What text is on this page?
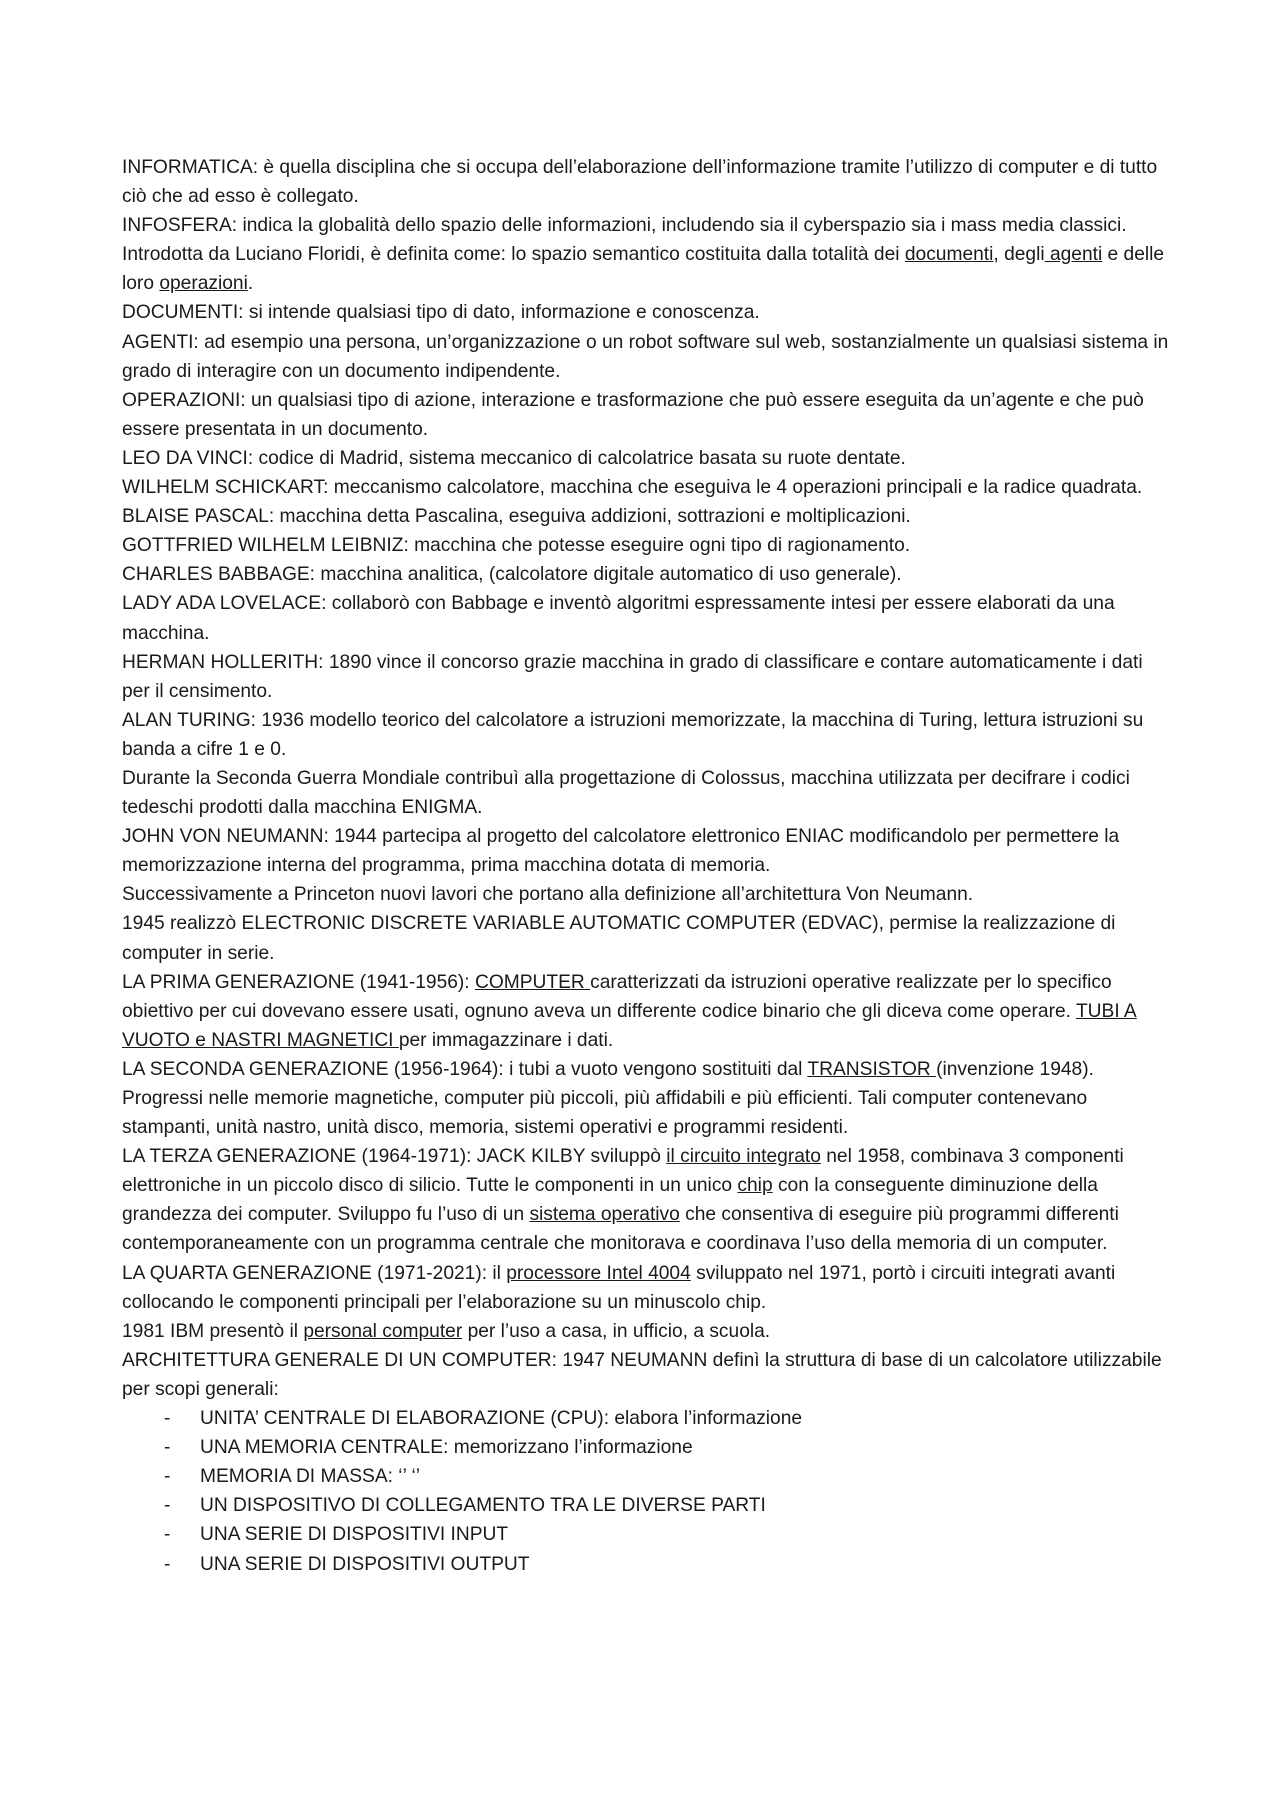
INFORMATICA: è quella disciplina che si occupa dell’elaborazione dell’informazione tramite l’utilizzo di computer e di tutto ciò che ad esso è collegato.
INFOSFERA: indica la globalità dello spazio delle informazioni, includendo sia il cyberspazio sia i mass media classici. Introdotta da Luciano Floridi, è definita come: lo spazio semantico costituita dalla totalità dei documenti, degli agenti e delle loro operazioni.
DOCUMENTI: si intende qualsiasi tipo di dato, informazione e conoscenza.
AGENTI: ad esempio una persona, un’organizzazione o un robot software sul web, sostanzialmente un qualsiasi sistema in grado di interagire con un documento indipendente.
OPERAZIONI: un qualsiasi tipo di azione, interazione e trasformazione che può essere eseguita da un’agente e che può essere presentata in un documento.
LEO DA VINCI: codice di Madrid, sistema meccanico di calcolatrice basata su ruote dentate.
WILHELM SCHICKART: meccanismo calcolatore, macchina che eseguiva le 4 operazioni principali e la radice quadrata.
BLAISE PASCAL: macchina detta Pascalina, eseguiva addizioni, sottrazioni e moltiplicazioni.
GOTTFRIED WILHELM LEIBNIZ: macchina che potesse eseguire ogni tipo di ragionamento.
CHARLES BABBAGE: macchina analitica, (calcolatore digitale automatico di uso generale).
LADY ADA LOVELACE: collaborò con Babbage e inventò algoritmi espressamente intesi per essere elaborati da una macchina.
HERMAN HOLLERITH: 1890 vince il concorso grazie macchina in grado di classificare e contare automaticamente i dati per il censimento.
ALAN TURING: 1936 modello teorico del calcolatore a istruzioni memorizzate, la macchina di Turing, lettura istruzioni su banda a cifre 1 e 0.
Durante la Seconda Guerra Mondiale contribuì alla progettazione di Colossus, macchina utilizzata per decifrare i codici tedeschi prodotti dalla macchina ENIGMA.
JOHN VON NEUMANN: 1944 partecipa al progetto del calcolatore elettronico ENIAC modificandolo per permettere la memorizzazione interna del programma, prima macchina dotata di memoria.
Successivamente a Princeton nuovi lavori che portano alla definizione all’architettura Von Neumann.
1945 realizzò ELECTRONIC DISCRETE VARIABLE AUTOMATIC COMPUTER (EDVAC), permise la realizzazione di computer in serie.
LA PRIMA GENERAZIONE (1941-1956): COMPUTER caratterizzati da istruzioni operative realizzate per lo specifico obiettivo per cui dovevano essere usati, ognuno aveva un differente codice binario che gli diceva come operare. TUBI A VUOTO e NASTRI MAGNETICI per immagazzinare i dati.
LA SECONDA GENERAZIONE (1956-1964): i tubi a vuoto vengono sostituiti dal TRANSISTOR (invenzione 1948). Progressi nelle memorie magnetiche, computer più piccoli, più affidabili e più efficienti. Tali computer contenevano stampanti, unità nastro, unità disco, memoria, sistemi operativi e programmi residenti.
LA TERZA GENERAZIONE (1964-1971): JACK KILBY sviluppò il circuito integrato nel 1958, combinava 3 componenti elettroniche in un piccolo disco di silicio. Tutte le componenti in un unico chip con la conseguente diminuzione della grandezza dei computer. Sviluppo fu l’uso di un sistema operativo che consentiva di eseguire più programmi differenti contemporaneamente con un programma centrale che monitorava e coordinava l’uso della memoria di un computer.
LA QUARTA GENERAZIONE (1971-2021): il processore Intel 4004 sviluppato nel 1971, portò i circuiti integrati avanti collocando le componenti principali per l’elaborazione su un minuscolo chip.
1981 IBM presentò il personal computer per l’uso a casa, in ufficio, a scuola.
ARCHITETTURA GENERALE DI UN COMPUTER: 1947 NEUMANN definì la struttura di base di un calcolatore utilizzabile per scopi generali:
- UNITA’ CENTRALE DI ELABORAZIONE (CPU): elabora l’informazione
- UNA MEMORIA CENTRALE: memorizzano l’informazione
- MEMORIA DI MASSA: ‘’ ‘’
- UN DISPOSITIVO DI COLLEGAMENTO TRA LE DIVERSE PARTI
- UNA SERIE DI DISPOSITIVI INPUT
- UNA SERIE DI DISPOSITIVI OUTPUT
